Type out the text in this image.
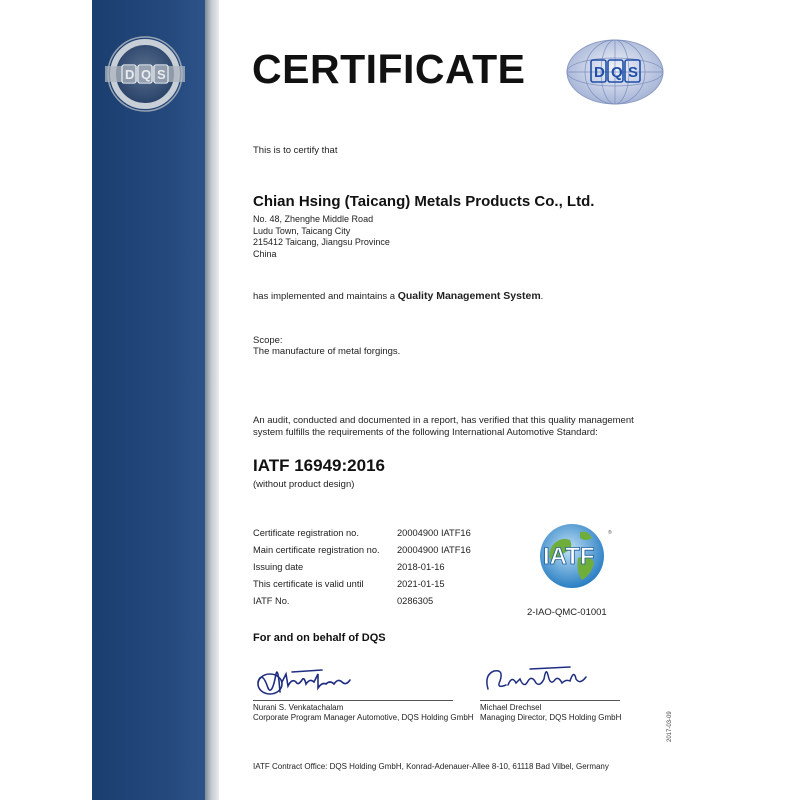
D Q S CERTIFICATE	D Q S

This is to certify that

Chian Hsing (Taicang) Metals Products Co., Ltd.

No. 48, Zhenghe Middle Road
Ludu Town, Taicang City
215412 Taicang, Jiangsu Province
China

has implemented and maintains a Quality Management System.

Scope:

The manufacture of metal forgings.

An audit, conducted and documented in a report, has verified that this quality management

system fulfills the requirements of the following International Automotive Standard:

IATF 16949:2016

(without product design)

Certificate registration no.	20004900 IATF16
Main certificate registration no.	20004900 IATF16
Issuing date	2018-01-16
This certificate is valid until	2021-01-15
IATF No.	0286305
IATF
®

2-IAO-QMC-01001

For and on behalf of DQS

Nurani S. Venkatachalam
Corporate Program Manager Automotive, DQS Holding GmbH
Michael Drechsel
Managing Director, DQS Holding GmbH
IATF Contract Office: DQS Holding GmbH, Konrad-Adenauer-Allee 8-10, 61118 Bad Vilbel, Germany
2017-03-09
